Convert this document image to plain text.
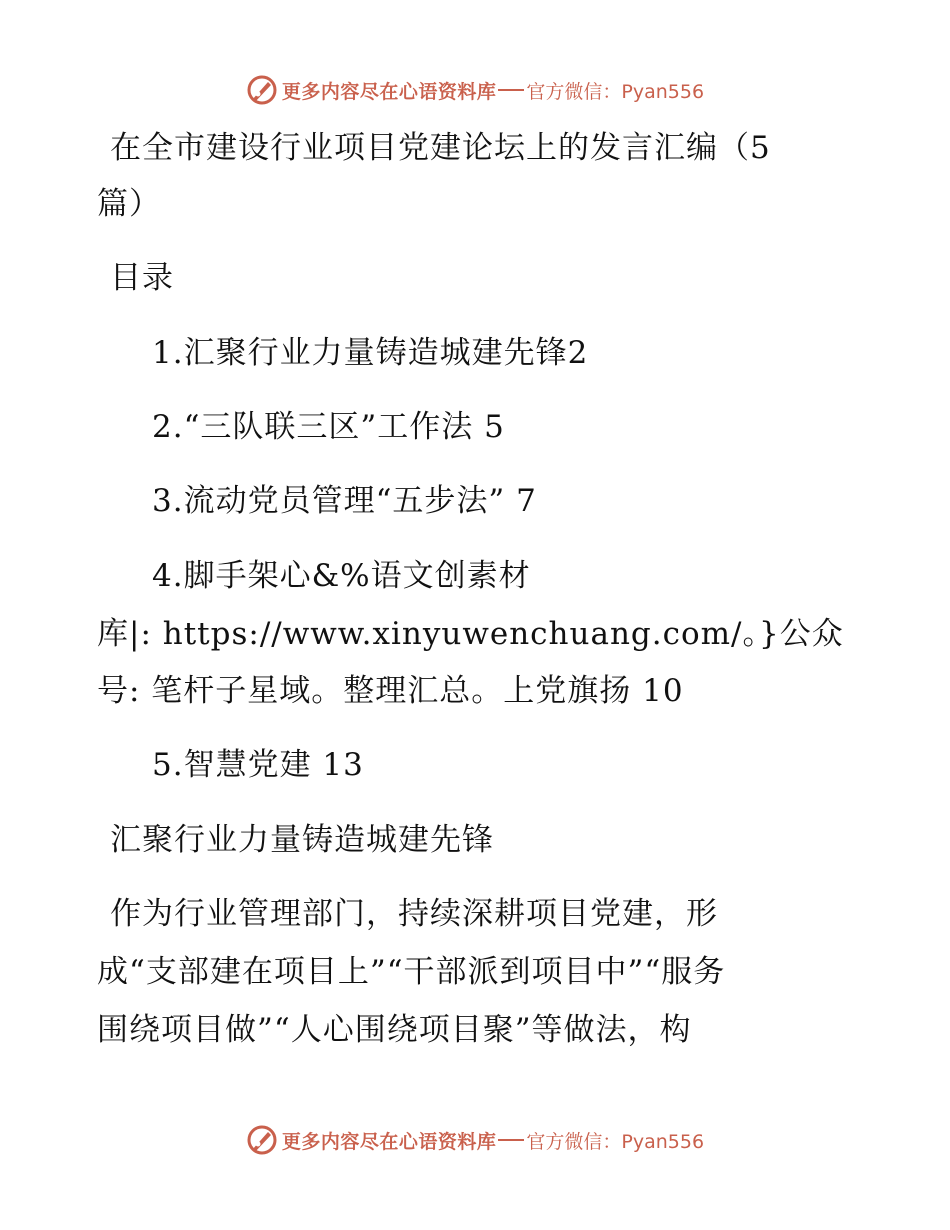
更多内容尽在心语资料库 官方微信：Pyan556
在全市建设行业项目党建论坛上的发言汇编（5
篇）
目录
1.汇聚行业力量铸造城建先锋2
2.“三队联三区”工作法 5
3.流动党员管理“五步法” 7
4.脚手架心&%语文创素材
库|: https://www.xinyuwenchuang.com/。}公众
号: 笔杆子星域。整理汇总。上党旗扬 10
5.智慧党建 13
汇聚行业力量铸造城建先锋
作为行业管理部门，持续深耕项目党建，形
成“支部建在项目上”“干部派到项目中”“服务
围绕项目做”“人心围绕项目聚”等做法，构
更多内容尽在心语资料库 官方微信：Pyan556
